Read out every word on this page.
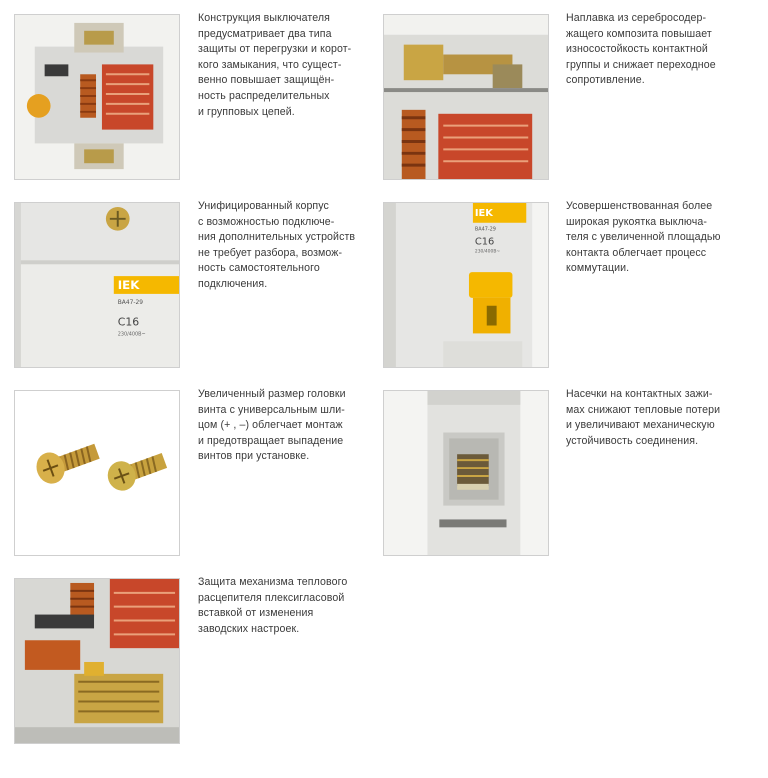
Конструкция выключателя
предусматривает два типа
защиты от перегрузки и корот-
кого замыкания, что сущест-
венно повышает защищён-
ность распределительных
и групповых цепей.

Наплавка из серебросодер-
жащего композита повышает
износостойкость контактной
группы и снижает переходное
сопротивление.

IEK
ВА47-29
C16
230/400В~

Унифицированный корпус
с возможностью подключе-
ния дополнительных устройств
не требует разбора, возмож-
ность самостоятельного
подключения.

IEK
ВА47-29
C16
230/400В~

Усовершенствованная более
широкая рукоятка выключа-
теля с увеличенной площадью
контакта облегчает процесс
коммутации.

Увеличенный размер головки
винта с универсальным шли-
цом (+ , –) облегчает монтаж
и предотвращает выпадение
винтов при установке.

Насечки на контактных зажи-
мах снижают тепловые потери
и увеличивают механическую
устойчивость соединения.

Защита механизма теплового
расцепителя плексигласовой
вставкой от изменения
заводских настроек.
